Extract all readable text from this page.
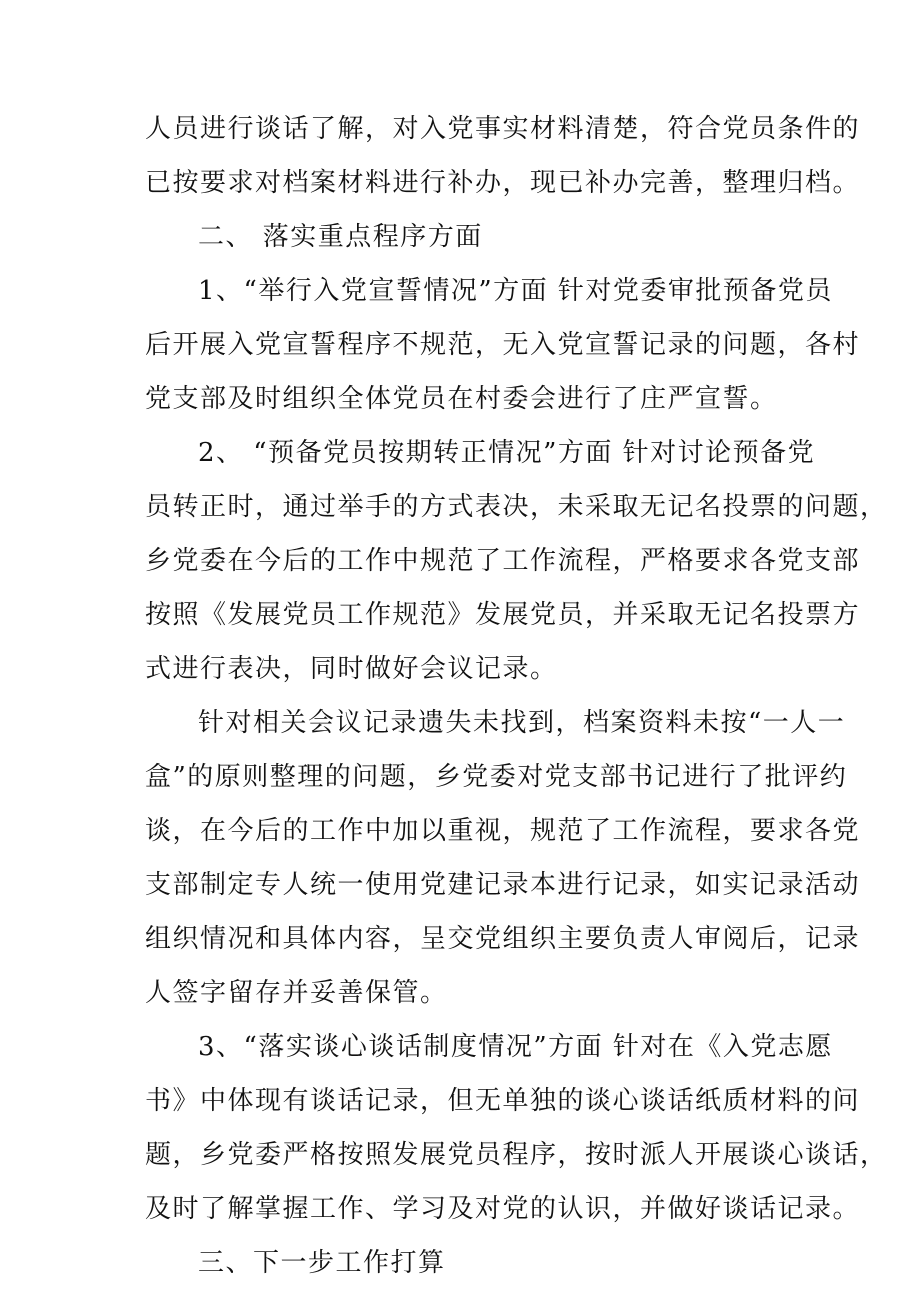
人员进行谈话了解，对入党事实材料清楚，符合党员条件的
已按要求对档案材料进行补办，现已补办完善，整理归档。
二、 落实重点程序方面
1、“举行入党宣誓情况”方面 针对党委审批预备党员
后开展入党宣誓程序不规范，无入党宣誓记录的问题，各村
党支部及时组织全体党员在村委会进行了庄严宣誓。
2、 “预备党员按期转正情况”方面 针对讨论预备党
员转正时，通过举手的方式表决，未采取无记名投票的问题，
乡党委在今后的工作中规范了工作流程，严格要求各党支部
按照《发展党员工作规范》发展党员，并采取无记名投票方
式进行表决，同时做好会议记录。
针对相关会议记录遗失未找到，档案资料未按“一人一
盒”的原则整理的问题，乡党委对党支部书记进行了批评约
谈，在今后的工作中加以重视，规范了工作流程，要求各党
支部制定专人统一使用党建记录本进行记录，如实记录活动
组织情况和具体内容，呈交党组织主要负责人审阅后，记录
人签字留存并妥善保管。
3、“落实谈心谈话制度情况”方面 针对在《入党志愿
书》中体现有谈话记录，但无单独的谈心谈话纸质材料的问
题，乡党委严格按照发展党员程序，按时派人开展谈心谈话，
及时了解掌握工作、学习及对党的认识，并做好谈话记录。
三、下一步工作打算
